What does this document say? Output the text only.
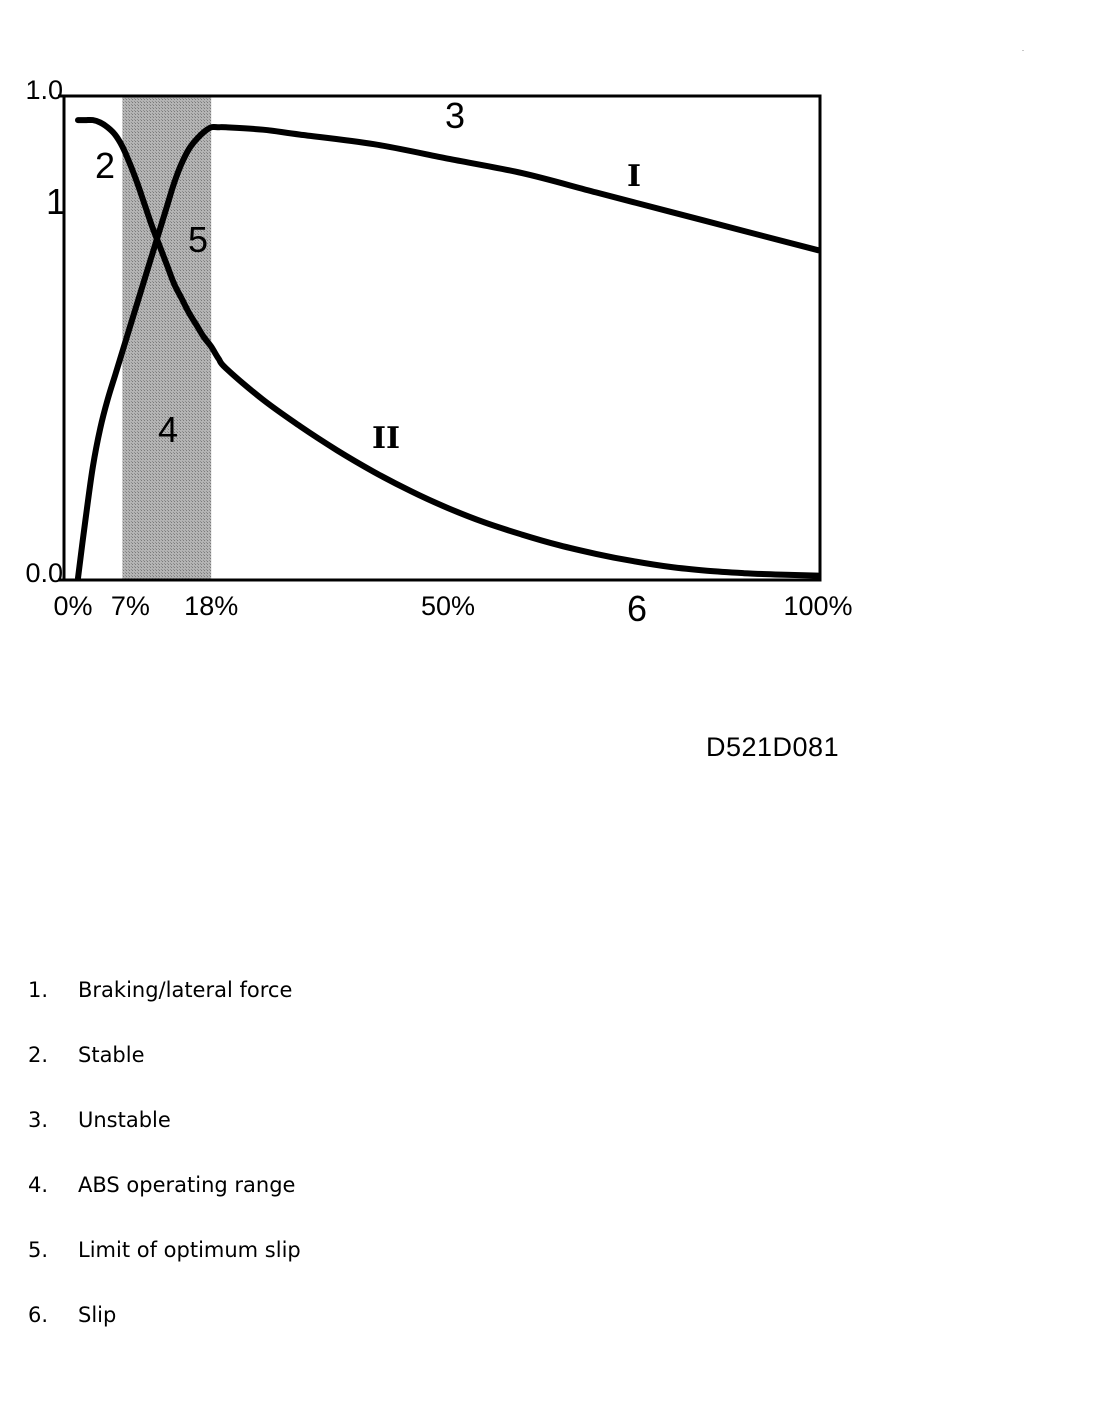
1.0
0.0
0% 7% 18%	50%	100%
I
II
1
2
3
4
5
6

D521D081

1.	Braking/lateral force
2.	Stable
3.	Unstable
4.	ABS operating range
5.	Limit of optimum slip
6.	Slip
